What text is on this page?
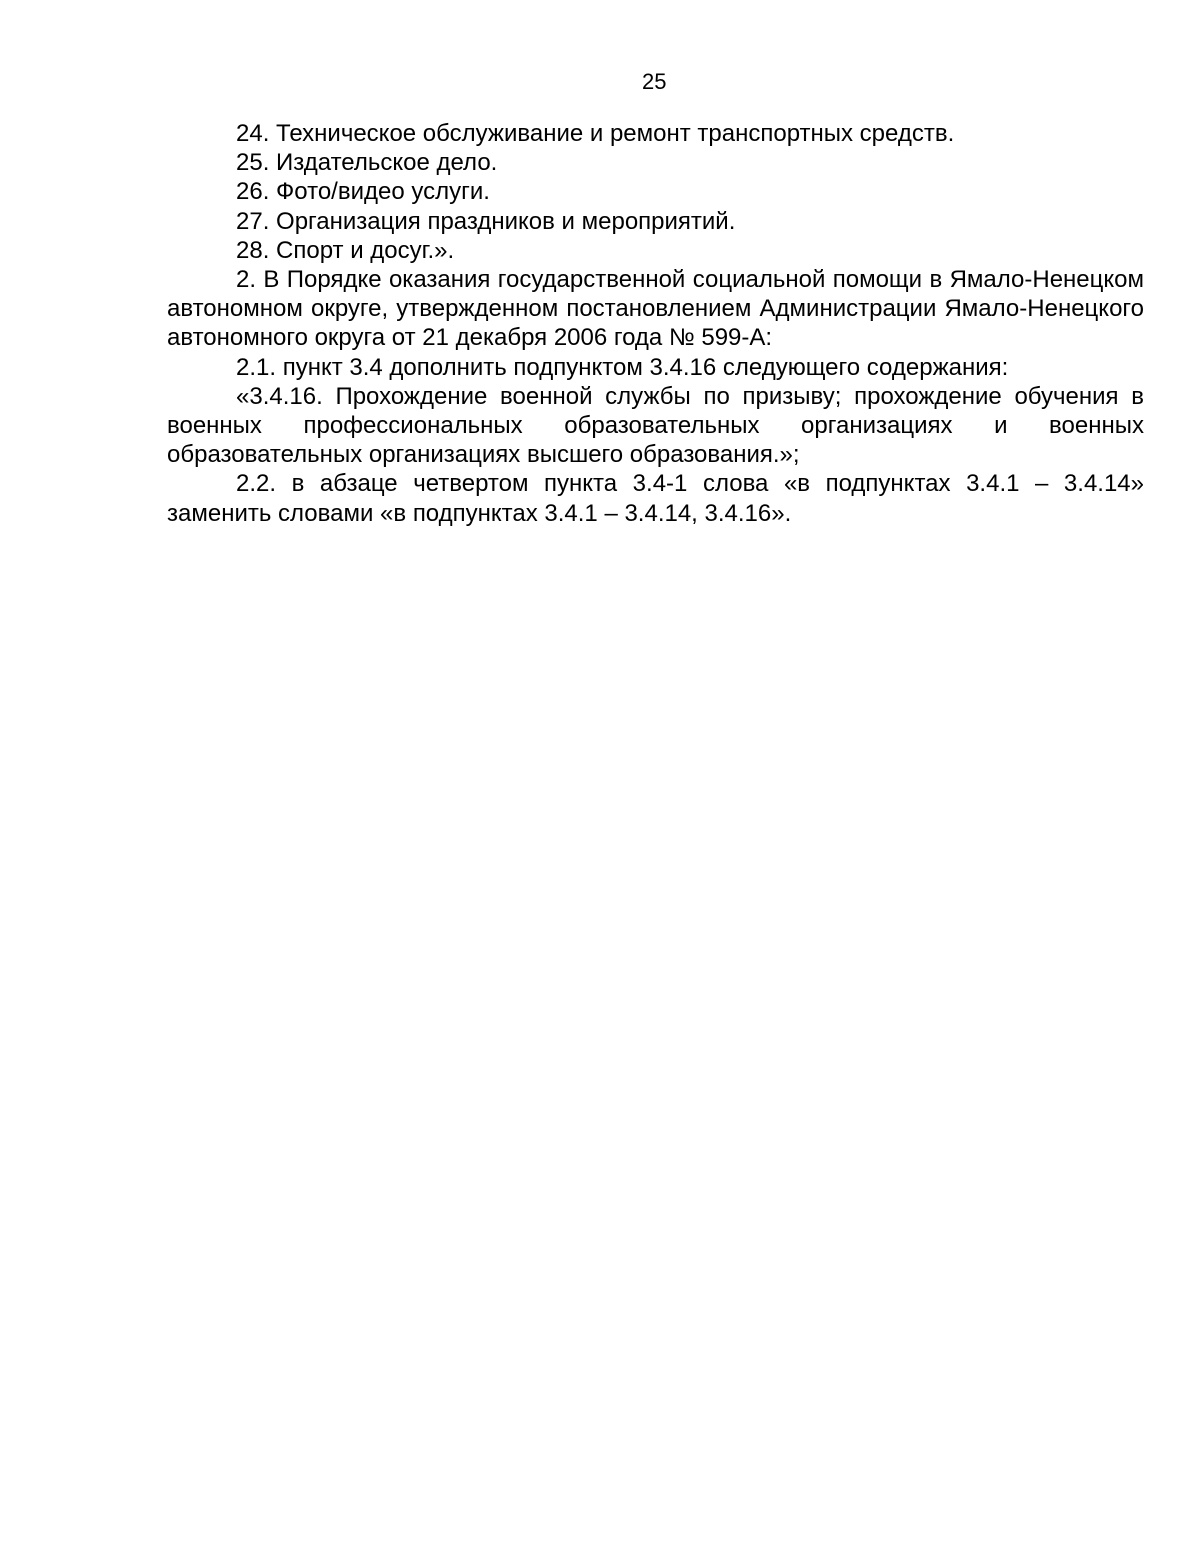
25

24. Техническое обслуживание и ремонт транспортных средств.

25. Издательское дело.

26. Фото/видео услуги.

27. Организация праздников и мероприятий.

28. Спорт и досуг.».

2. В Порядке оказания государственной социальной помощи в Ямало-Ненецком автономном округе, утвержденном постановлением Администрации Ямало-Ненецкого автономного округа от 21 декабря 2006 года № 599-А:

2.1. пункт 3.4 дополнить подпунктом 3.4.16 следующего содержания:

«3.4.16. Прохождение военной службы по призыву; прохождение обучения в военных профессиональных образовательных организациях и военных образовательных организациях высшего образования.»;

2.2. в абзаце четвертом пункта 3.4-1 слова «в подпунктах 3.4.1 – 3.4.14» заменить словами «в подпунктах 3.4.1 – 3.4.14, 3.4.16».
